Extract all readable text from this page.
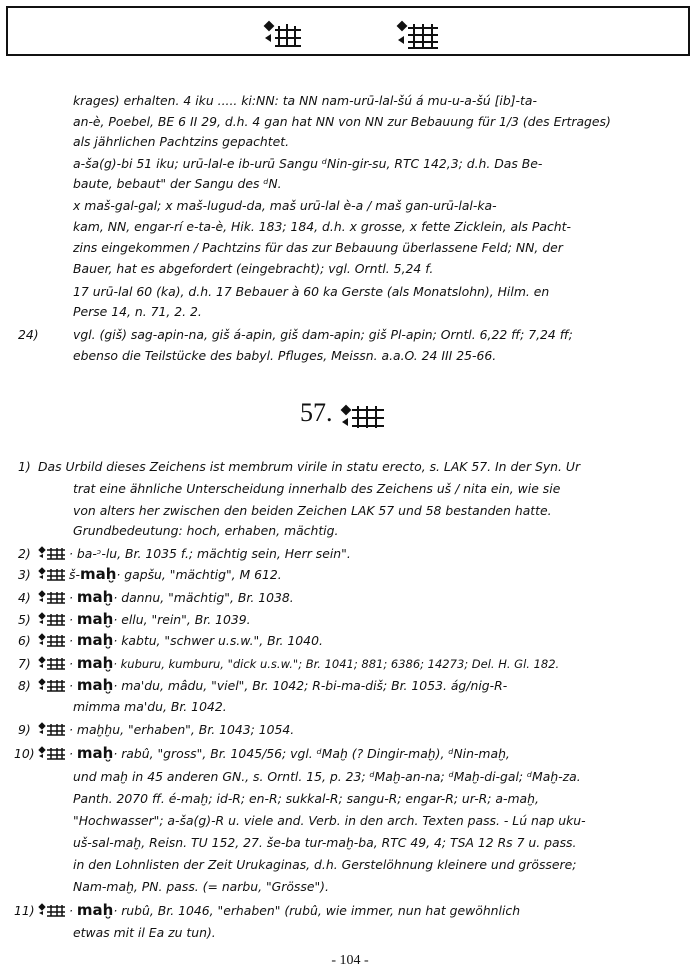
krages) erhalten. 4 iku ..... ki:NN: ta NN nam-urū-lal-šú á mu-u-a-šú [ib]-ta-
an-è, Poebel, BE 6 II 29, d.h. 4 gan hat NN von NN zur Bebauung für 1/3 (des Ertrages)
als jährlichen Pachtzins gepachtet.
a-ša(g)-bi 51 iku; urū-lal-e ib-urū Sangu ᵈNin-gir-su, RTC 142,3; d.h. Das Be-
baute, bebaut" der Sangu des ᵈN.
x maš-gal-gal; x maš-lugud-da, maš urū-lal è-a / maš gan-urū-lal-ka-
kam, NN, engar-rí e-ta-è, Hik. 183; 184, d.h. x grosse, x fette Zicklein, als Pacht-
zins eingekommen / Pachtzins für das zur Bebauung überlassene Feld; NN, der
Bauer, hat es abgefordert (eingebracht); vgl. Orntl. 5,24 f.
17 urū-lal 60 (ka), d.h. 17 Bebauer à 60 ka Gerste (als Monatslohn), Hilm. en
Perse 14, n. 71, 2. 2.
24)	vgl. (giš) sag-apin-na, giš á-apin, giš dam-apin; giš Pl-apin; Orntl. 6,22 ff; 7,24 ff;
ebenso die Teilstücke des babyl. Pfluges, Meissn. a.a.O. 24 III 25-66.
57.
1) Das Urbild dieses Zeichens ist membrum virile in statu erecto, s. LAK 57. In der Syn. Ur
trat eine ähnliche Unterscheidung innerhalb des Zeichens uš / nita ein, wie sie
von alters her zwischen den beiden Zeichen LAK 57 und 58 bestanden hatte.
Grundbedeutung: hoch, erhaben, mächtig.
2)	· ba-ᵓ-lu, Br. 1035 f.; mächtig sein, Herr sein".
3)	š-maḫ· gapšu, "mächtig", M 612.
4)	· maḫ· dannu, "mächtig", Br. 1038.
5)	· maḫ· ellu, "rein", Br. 1039.
6)	· maḫ· kabtu, "schwer u.s.w.", Br. 1040.
7)	· maḫ· kuburu, kumburu, "dick u.s.w."; Br. 1041; 881; 6386; 14273; Del. H. Gl. 182.
8)	· maḫ· ma'du, mâdu, "viel", Br. 1042; R-bi-ma-diš; Br. 1053. ág/nig-R-
mimma ma'du, Br. 1042.
9)	· maḫḫu, "erhaben", Br. 1043; 1054.
10)	· maḫ· rabû, "gross", Br. 1045/56; vgl. ᵈMaḫ (? Dingir-maḫ), ᵈNin-maḫ,
und maḫ in 45 anderen GN., s. Orntl. 15, p. 23; ᵈMaḫ-an-na; ᵈMaḫ-di-gal; ᵈMaḫ-za.
Panth. 2070 ff. é-maḫ; id-R; en-R; sukkal-R; sangu-R; engar-R; ur-R; a-maḫ,
"Hochwasser"; a-ša(g)-R u. viele and. Verb. in den arch. Texten pass. - Lú nap uku-
uš-sal-maḫ, Reisn. TU 152, 27. še-ba tur-maḫ-ba, RTC 49, 4; TSA 12 Rs 7 u. pass.
in den Lohnlisten der Zeit Urukaginas, d.h. Gerstelöhnung kleinere und grössere;
Nam-maḫ, PN. pass. (= narbu, "Grösse").
11)	· maḫ· rubû, Br. 1046, "erhaben" (rubû, wie immer, nun hat gewöhnlich
etwas mit il Ea zu tun).
- 104 -
